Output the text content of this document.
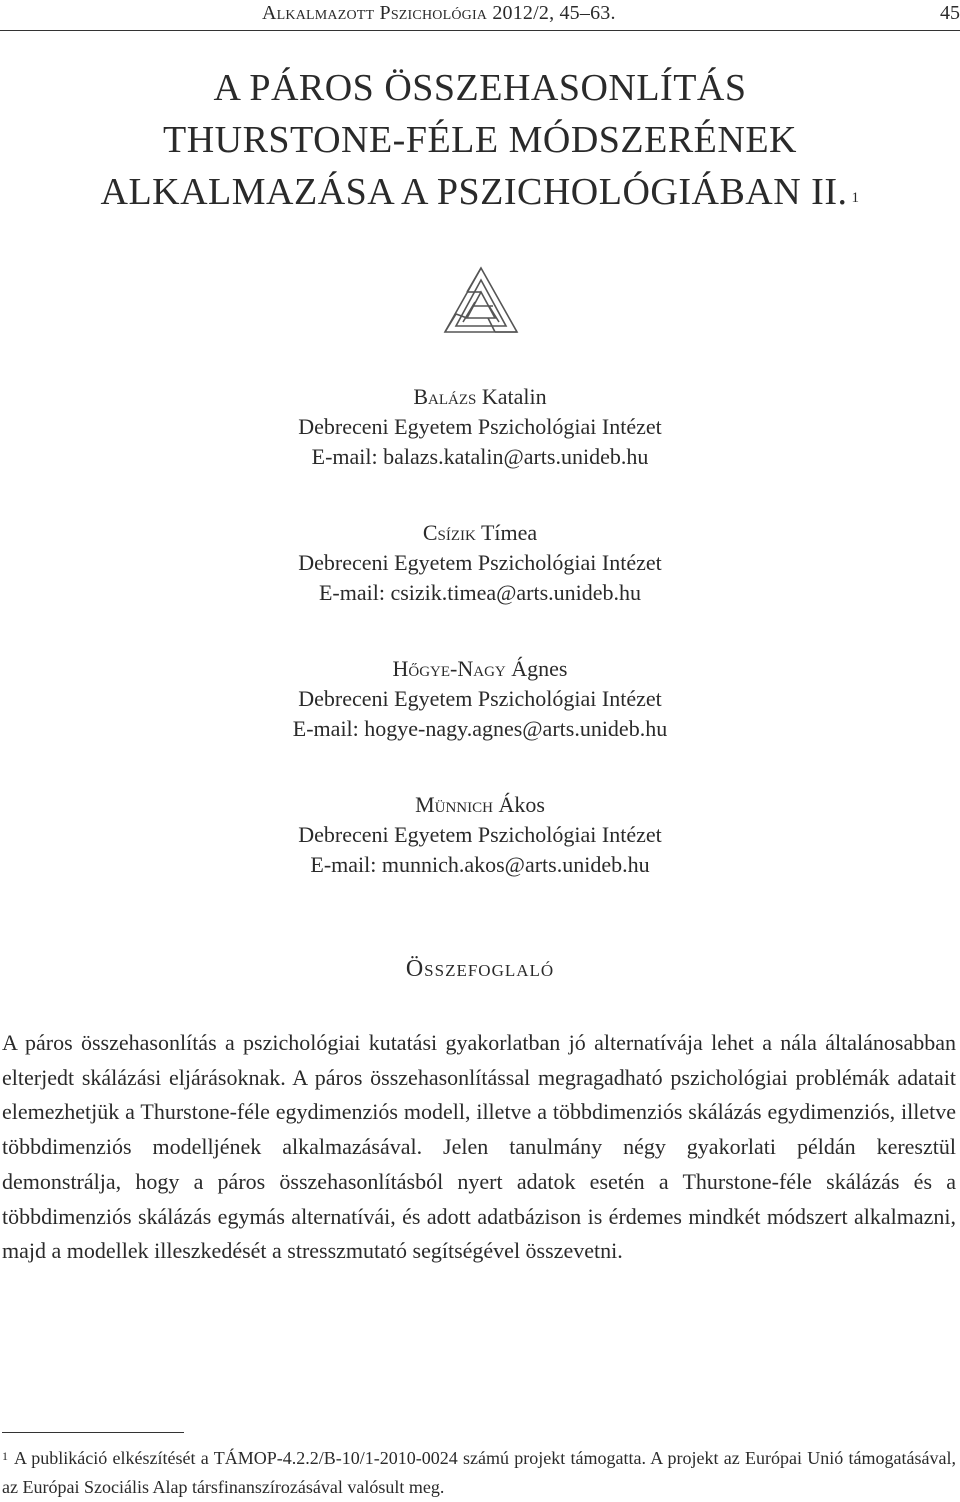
Alkalmazott Pszichológia 2012/2, 45–63.	45
A PÁROS ÖSSZEHASONLÍTÁS
THURSTONE-FÉLE MÓDSZERÉNEK
ALKALMAZÁSA A PSZICHOLÓGIÁBAN II. $^1$
Balázs Katalin
Debreceni Egyetem Pszichológiai Intézet
E-mail: balazs.katalin@arts.unideb.hu
Csízik Tímea
Debreceni Egyetem Pszichológiai Intézet
E-mail: csizik.timea@arts.unideb.hu
Hőgye-Nagy Ágnes
Debreceni Egyetem Pszichológiai Intézet
E-mail: hogye-nagy.agnes@arts.unideb.hu
Münnich Ákos
Debreceni Egyetem Pszichológiai Intézet
E-mail: munnich.akos@arts.unideb.hu
Összefoglaló
A páros összehasonlítás a pszichológiai kutatási gyakorlatban jó alternatívája lehet a nála általánosabban elterjedt skálázási eljárásoknak. A páros összehasonlítással megragadható pszichológiai problémák adatait elemezhetjük a Thurstone-féle egydimenziós modell, illetve a többdimenziós skálázás egydimenziós, illetve többdimenziós modelljének alkalmazásával. Jelen tanulmány négy gyakorlati példán keresztül demonstrálja, hogy a páros összehasonlításból nyert adatok esetén a Thurstone-féle skálázás és a többdimenziós skálázás egymás alternatívái, és adott adatbázison is érdemes mindkét módszert alkalmazni, majd a modellek illeszkedését a stresszmutató segítségével összevetni.
$^1$ A publikáció elkészítését a TÁMOP-4.2.2/B-10/1-2010-0024 számú projekt támogatta. A projekt az Európai Unió támogatásával, az Európai Szociális Alap társfinanszírozásával valósult meg.
